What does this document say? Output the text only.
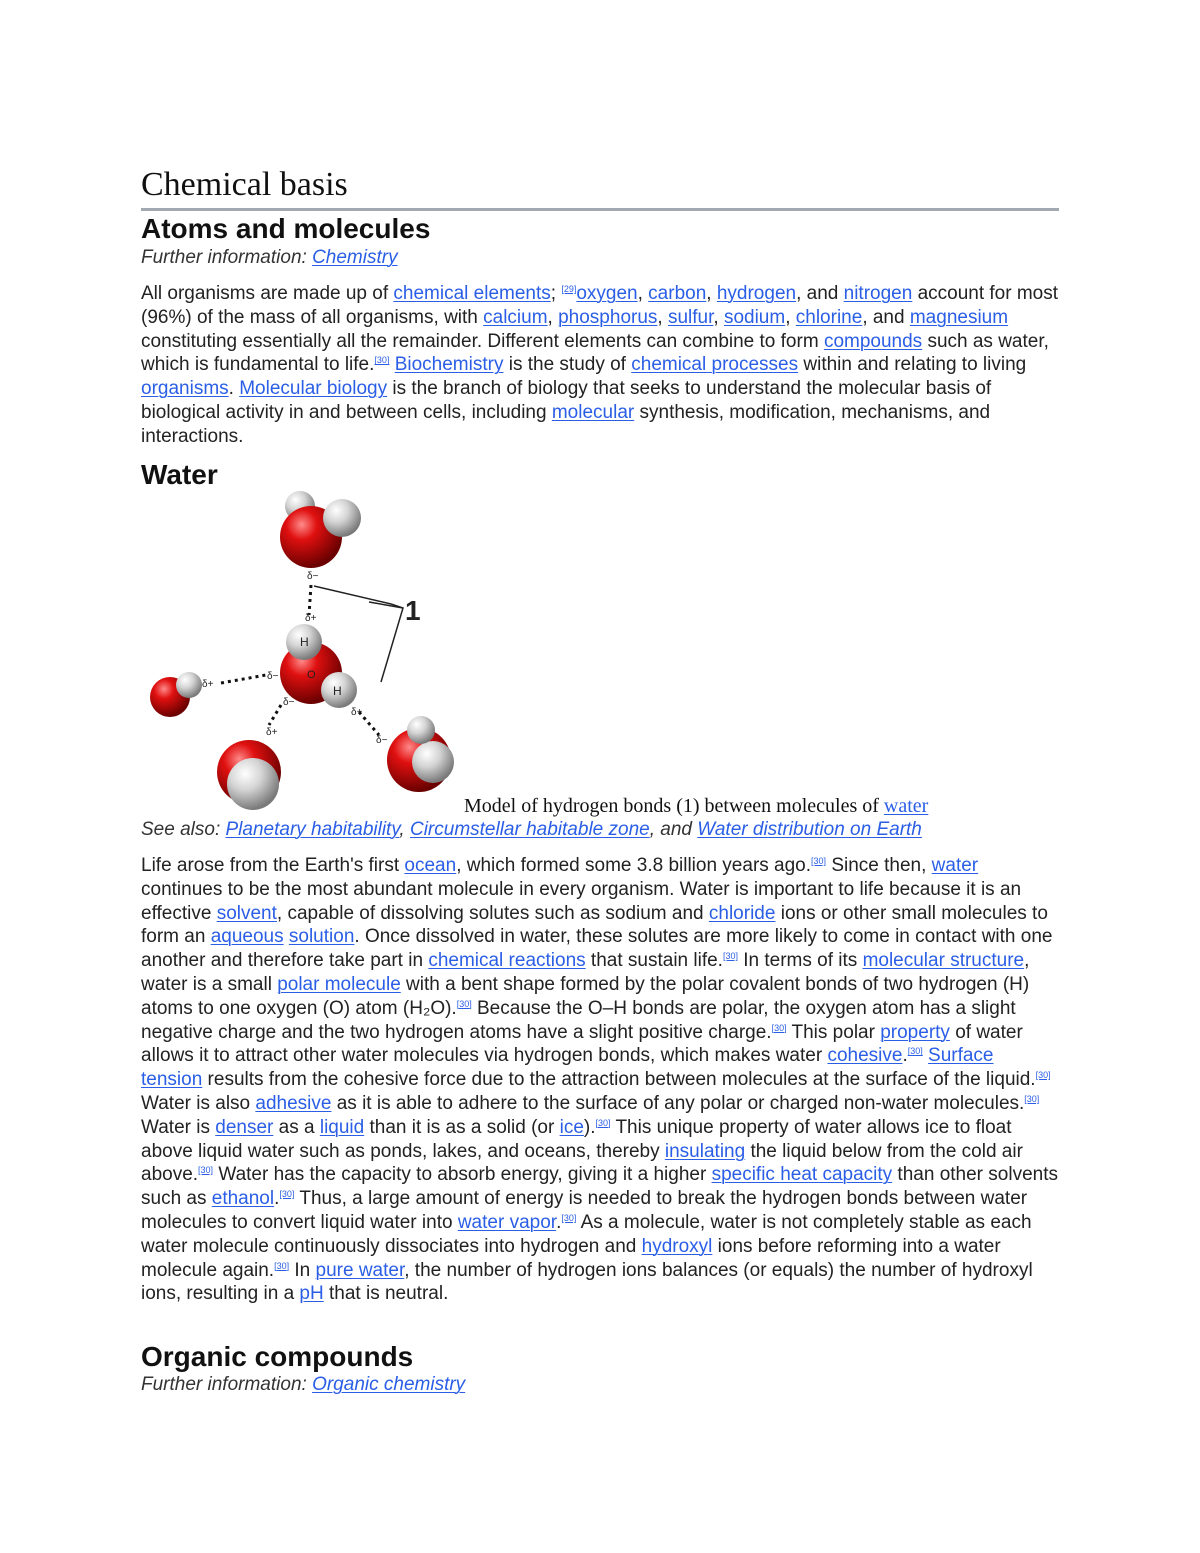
Chemical basis
Atoms and molecules
Further information: Chemistry
All organisms are made up of chemical elements; [29]oxygen, carbon, hydrogen, and nitrogen account for most (96%) of the mass of all organisms, with calcium, phosphorus, sulfur, sodium, chlorine, and magnesium constituting essentially all the remainder. Different elements can combine to form compounds such as water, which is fundamental to life.[30] Biochemistry is the study of chemical processes within and relating to living organisms. Molecular biology is the branch of biology that seeks to understand the molecular basis of biological activity in and between cells, including molecular synthesis, modification, mechanisms, and interactions.
Water
δ−
δ+
δ+
δ−
δ−
δ+
δ+
δ−
H
O
H
1
Model of hydrogen bonds (1) between molecules of water
See also: Planetary habitability, Circumstellar habitable zone, and Water distribution on Earth
Life arose from the Earth's first ocean, which formed some 3.8 billion years ago.[30] Since then, water continues to be the most abundant molecule in every organism. Water is important to life because it is an effective solvent, capable of dissolving solutes such as sodium and chloride ions or other small molecules to form an aqueous solution. Once dissolved in water, these solutes are more likely to come in contact with one another and therefore take part in chemical reactions that sustain life.[30] In terms of its molecular structure, water is a small polar molecule with a bent shape formed by the polar covalent bonds of two hydrogen (H) atoms to one oxygen (O) atom (H₂O).[30] Because the O–H bonds are polar, the oxygen atom has a slight negative charge and the two hydrogen atoms have a slight positive charge.[30] This polar property of water allows it to attract other water molecules via hydrogen bonds, which makes water cohesive.[30] Surface tension results from the cohesive force due to the attraction between molecules at the surface of the liquid.[30] Water is also adhesive as it is able to adhere to the surface of any polar or charged non-water molecules.[30] Water is denser as a liquid than it is as a solid (or ice).[30] This unique property of water allows ice to float above liquid water such as ponds, lakes, and oceans, thereby insulating the liquid below from the cold air above.[30] Water has the capacity to absorb energy, giving it a higher specific heat capacity than other solvents such as ethanol.[30] Thus, a large amount of energy is needed to break the hydrogen bonds between water molecules to convert liquid water into water vapor.[30] As a molecule, water is not completely stable as each water molecule continuously dissociates into hydrogen and hydroxyl ions before reforming into a water molecule again.[30] In pure water, the number of hydrogen ions balances (or equals) the number of hydroxyl ions, resulting in a pH that is neutral.
Organic compounds
Further information: Organic chemistry
